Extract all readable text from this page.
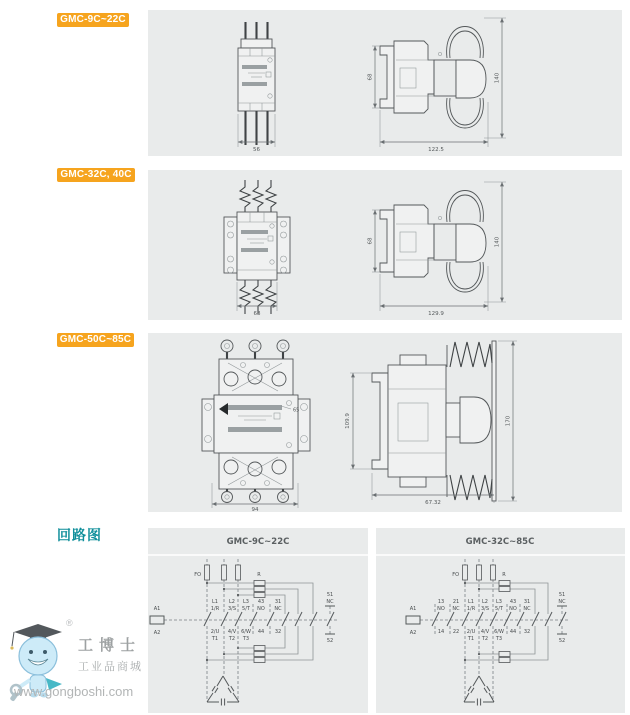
GMC-9C~22C
GMC-32C, 40C
GMC-50C~85C
56
68	140
122.5
68
68	140
129.9
65
94
109.9	170
67.32
回路图	GMC-9C~22C
FO
A1
A2
R
L1
1/R
L2
3/S
L3
5/T
43
NO
31
NC
2/U
T1
4/V
T2
6/W
T3
44 32
51
NC
52
GMC-32C~85C
FO
A1
A2
R
13
NO
14
21
NC
22
L1
1/R
L2
3/S
L3
5/T
43
NO
31
NC
2/U
T1
4/V
T2
6/W
T3
44 32
51
NC
52
®
工博士
工业品商城
www.gongboshi.com
